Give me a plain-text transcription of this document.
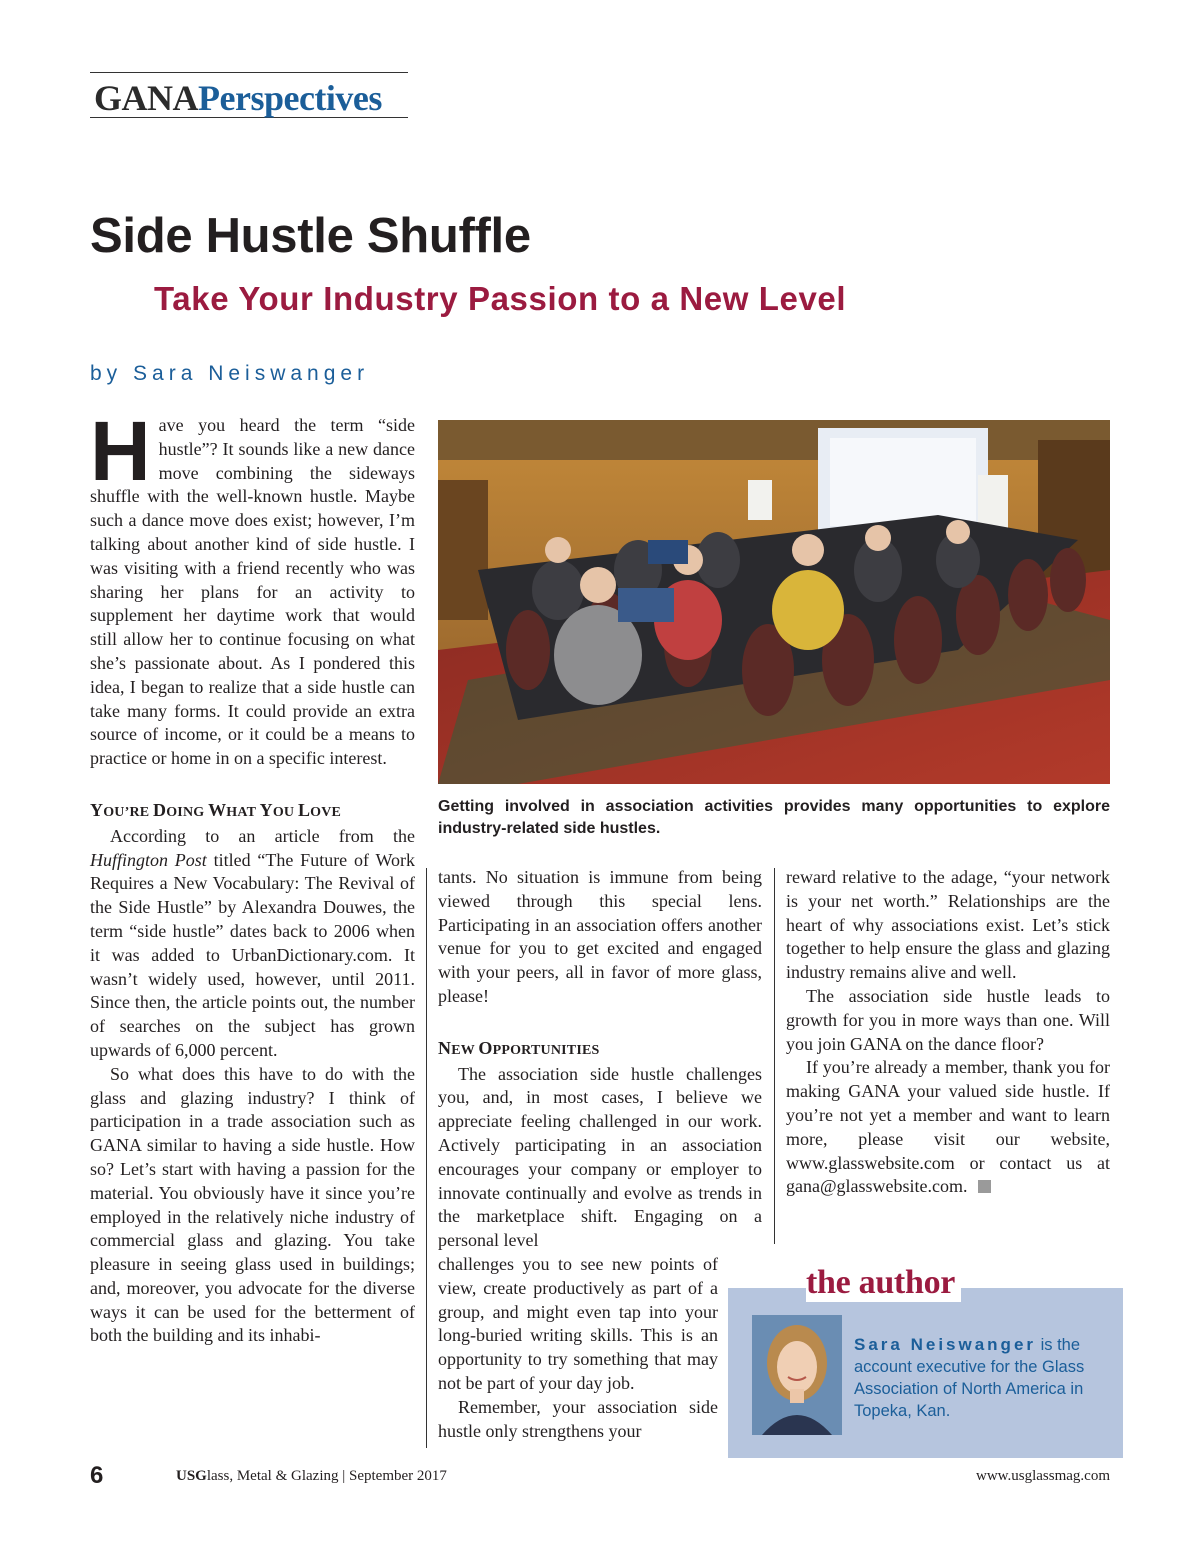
GANAPerspectives
Side Hustle Shuffle
Take Your Industry Passion to a New Level
by Sara Neiswanger

Have you heard the term “side hustle”? It sounds like a new dance move combining the sideways shuffle with the well-known hustle. Maybe such a dance move does exist; however, I’m talking about another kind of side hustle. I was visiting with a friend recently who was sharing her plans for an activity to supplement her daytime work that would still allow her to continue focusing on what she’s passionate about. As I pondered this idea, I began to realize that a side hustle can take many forms. It could provide an extra source of income, or it could be a means to practice or home in on a specific interest.

YOU’RE DOING WHAT YOU LOVE

According to an article from the Huffington Post titled “The Future of Work Requires a New Vocabulary: The Revival of the Side Hustle” by Alexandra Douwes, the term “side hustle” dates back to 2006 when it was added to UrbanDictionary.com. It wasn’t widely used, however, until 2011. Since then, the article points out, the number of searches on the subject has grown upwards of 6,000 percent.

So what does this have to do with the glass and glazing industry? I think of participation in a trade association such as GANA similar to having a side hustle. How so? Let’s start with having a passion for the material. You obviously have it since you’re employed in the relatively niche industry of commercial glass and glazing. You take pleasure in seeing glass used in buildings; and, moreover, you advocate for the diverse ways it can be used for the betterment of both the building and its inhabi-

Getting involved in association activities provides many opportunities to explore industry-related side hustles.

tants. No situation is immune from being viewed through this special lens. Participating in an association offers another venue for you to get excited and engaged with your peers, all in favor of more glass, please!

NEW OPPORTUNITIES

The association side hustle challenges you, and, in most cases, I believe we appreciate feeling challenged in our work. Actively participating in an association encourages your company or employer to innovate continually and evolve as trends in the marketplace shift. Engaging on a personal level

challenges you to see new points of view, create productively as part of a group, and might even tap into your long-buried writing skills. This is an opportunity to try something that may not be part of your day job.

Remember, your association side hustle only strengthens your

reward relative to the adage, “your network is your net worth.” Relationships are the heart of why associations exist. Let’s stick together to help ensure the glass and glazing industry remains alive and well.

The association side hustle leads to growth for you in more ways than one. Will you join GANA on the dance floor?

If you’re already a member, thank you for making GANA your valued side hustle. If you’re not yet a member and want to learn more, please visit our website, www.glasswebsite.com or contact us at gana@glasswebsite.com.

the author
Sara Neiswanger is the account executive for the Glass Association of North America in Topeka, Kan.
6	USGlass, Metal & Glazing | September 2017	www.usglassmag.com
